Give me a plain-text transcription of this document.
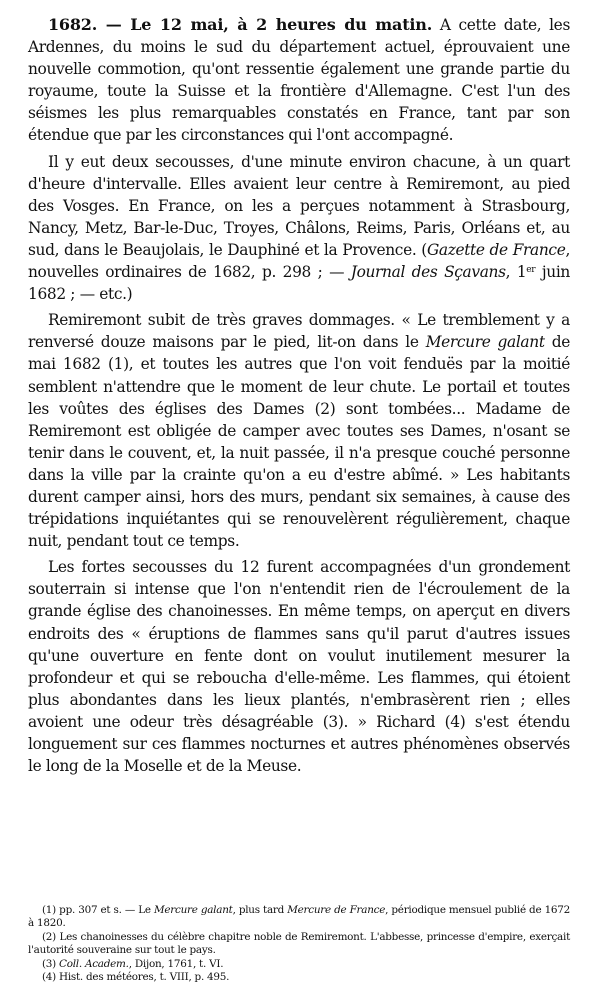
1682. — Le 12 mai, à 2 heures du matin. A cette date, les Ardennes, du moins le sud du département actuel, éprouvaient une nouvelle commotion, qu'ont ressentie également une grande partie du royaume, toute la Suisse et la frontière d'Allemagne. C'est l'un des séismes les plus remarquables constatés en France, tant par son étendue que par les circonstances qui l'ont accompagné.

Il y eut deux secousses, d'une minute environ chacune, à un quart d'heure d'intervalle. Elles avaient leur centre à Remiremont, au pied des Vosges. En France, on les a perçues notamment à Strasbourg, Nancy, Metz, Bar-le-Duc, Troyes, Châlons, Reims, Paris, Orléans et, au sud, dans le Beaujolais, le Dauphiné et la Provence. (Gazette de France, nouvelles ordinaires de 1682, p. 298 ; — Journal des Sçavans, 1er juin 1682 ; — etc.)

Remiremont subit de très graves dommages. « Le tremblement y a renversé douze maisons par le pied, lit-on dans le Mercure galant de mai 1682 (1), et toutes les autres que l'on voit fenduës par la moitié semblent n'attendre que le moment de leur chute. Le portail et toutes les voûtes des églises des Dames (2) sont tombées... Madame de Remiremont est obligée de camper avec toutes ses Dames, n'osant se tenir dans le couvent, et, la nuit passée, il n'a presque couché personne dans la ville par la crainte qu'on a eu d'estre abîmé. » Les habitants durent camper ainsi, hors des murs, pendant six semaines, à cause des trépidations inquiétantes qui se renouvelèrent régulièrement, chaque nuit, pendant tout ce temps.

Les fortes secousses du 12 furent accompagnées d'un grondement souterrain si intense que l'on n'entendit rien de l'écroulement de la grande église des chanoinesses. En même temps, on aperçut en divers endroits des « éruptions de flammes sans qu'il parut d'autres issues qu'une ouverture en fente dont on voulut inutilement mesurer la profondeur et qui se reboucha d'elle-même. Les flammes, qui étoient plus abondantes dans les lieux plantés, n'embrasèrent rien ; elles avoient une odeur très désagréable (3). » Richard (4) s'est étendu longuement sur ces flammes nocturnes et autres phénomènes observés le long de la Moselle et de la Meuse.

(1) pp. 307 et s. — Le Mercure galant, plus tard Mercure de France, périodique mensuel publié de 1672 à 1820.

(2) Les chanoinesses du célèbre chapitre noble de Remiremont. L'abbesse, princesse d'empire, exerçait l'autorité souveraine sur tout le pays.

(3) Coll. Academ., Dijon, 1761, t. VI.

(4) Hist. des météores, t. VIII, p. 495.
